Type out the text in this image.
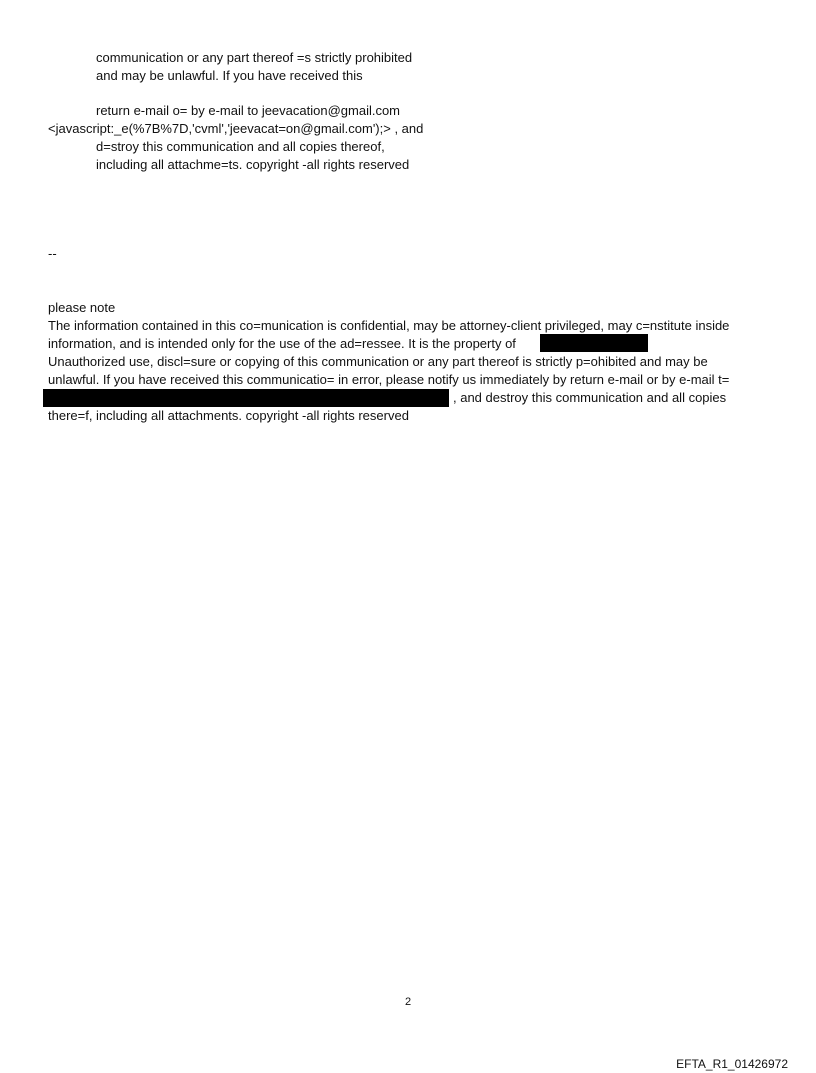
communication or any part thereof =s strictly prohibited
and may be unlawful. If you have received this
return e-mail o= by e-mail to jeevacation@gmail.com
<javascript:_e(%7B%7D,'cvml','jeevacat=on@gmail.com');> , and
d=stroy this communication and all copies thereof,
including all attachme=ts. copyright -all rights reserved
--
please note
The information contained in this co=munication is confidential, may be attorney-client privileged, may c=nstitute inside
information, and is intended only for the use of the ad=ressee. It is the property of
Unauthorized use, discl=sure or copying of this communication or any part thereof is strictly p=ohibited and may be
unlawful. If you have received this communicatio= in error, please notify us immediately by return e-mail or by e-mail t=
, and destroy this communication and all copies
there=f, including all attachments. copyright -all rights reserved
2
EFTA_R1_01426972
